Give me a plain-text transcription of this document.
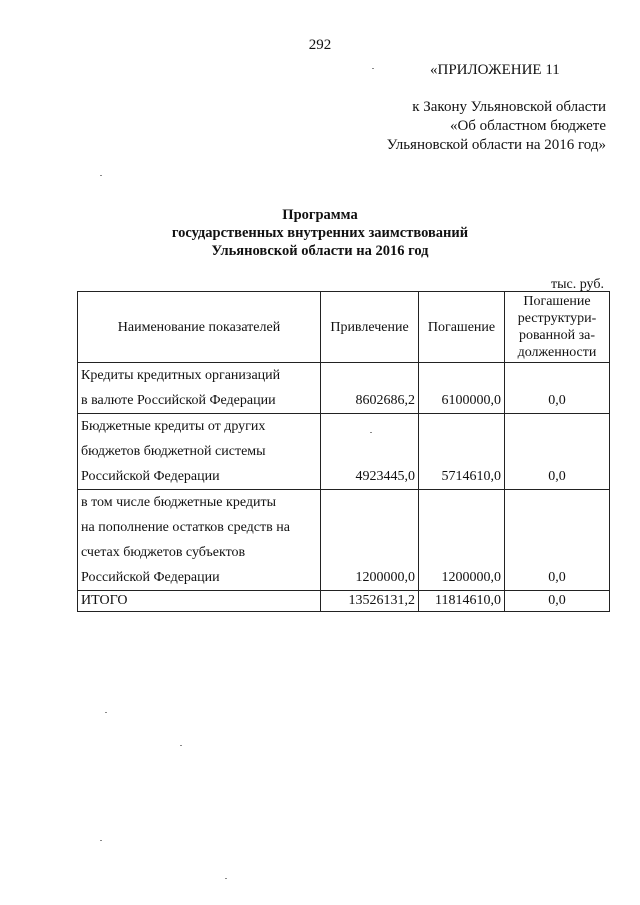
292
«ПРИЛОЖЕНИЕ 11
к Закону Ульяновской области
«Об областном бюджете
Ульяновской области на 2016 год»
Программа
государственных внутренних заимствований
Ульяновской области на 2016 год
тыс. руб.
Наименование показателей	Привлечение	Погашение	Погашение
реструктури-
рованной за-
долженности

Кредиты кредитных организаций
в валюте Российской Федерации	8602686,2	6100000,0	0,0

Бюджетные кредиты от других
бюджетов бюджетной системы
Российской Федерации	4923445,0	5714610,0	0,0

в том числе бюджетные кредиты
на пополнение остатков средств на
счетах бюджетов субъектов
Российской Федерации	1200000,0	1200000,0	0,0
ИТОГО	13526131,2	11814610,0	0,0
